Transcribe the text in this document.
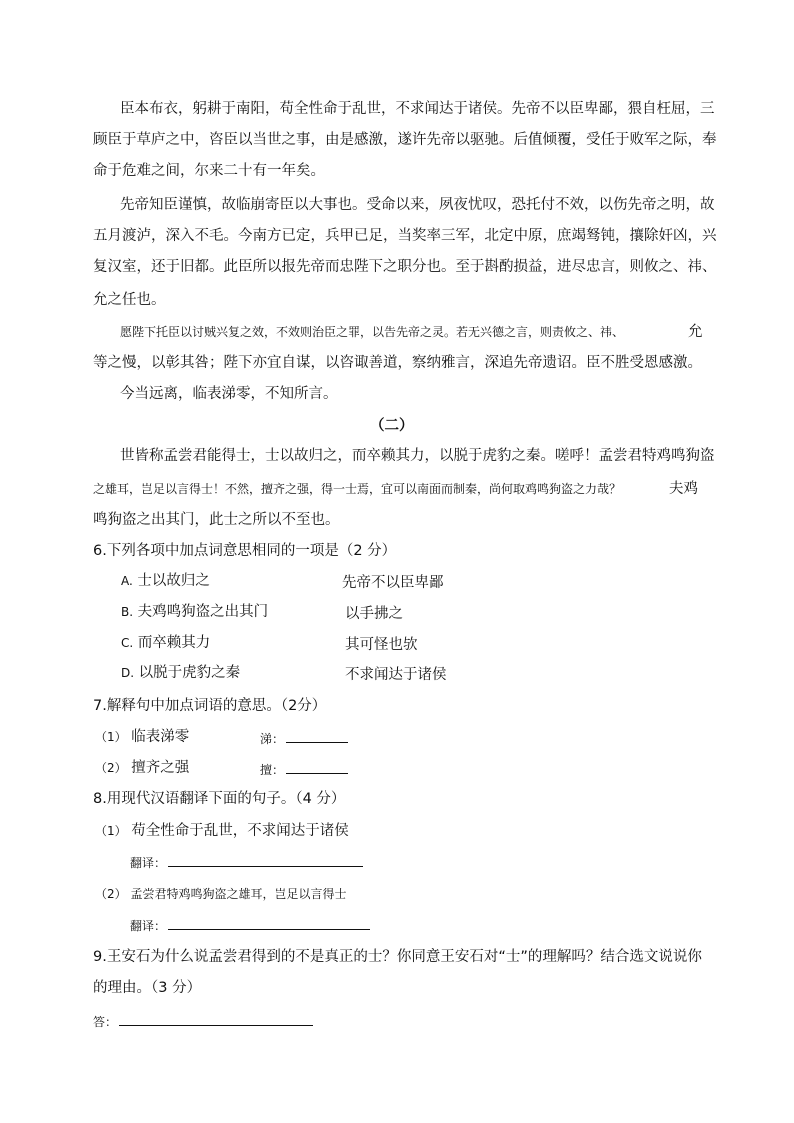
臣本布衣，躬耕于南阳，苟全性命于乱世，不求闻达于诸侯。先帝不以臣卑鄙，猥自枉屈，三
顾臣于草庐之中，咨臣以当世之事，由是感激，遂许先帝以驱驰。后值倾覆，受任于败军之际，奉
命于危难之间，尔来二十有一年矣。
先帝知臣谨慎，故临崩寄臣以大事也。受命以来，夙夜忧叹，恐托付不效，以伤先帝之明，故
五月渡泸，深入不毛。今南方已定，兵甲已足，当奖率三军，北定中原，庶竭驽钝，攘除奸凶，兴
复汉室，还于旧都。此臣所以报先帝而忠陛下之职分也。至于斟酌损益，进尽忠言，则攸之、祎、
允之任也。
愿陛下托臣以讨贼兴复之效，不效则治臣之罪，以告先帝之灵。若无兴德之言，则责攸之、祎、	允
等之慢，以彰其咎；陛下亦宜自谋，以咨诹善道，察纳雅言，深追先帝遗诏。臣不胜受恩感激。
今当远离，临表涕零，不知所言。
（二）
世皆称孟尝君能得士，士以故归之，而卒赖其力，以脱于虎豹之秦。嗟呼！孟尝君特鸡鸣狗盗
之雄耳，岂足以言得士！不然，擅齐之强，得一士焉，宜可以南面而制秦，尚何取鸡鸣狗盗之力哉？	夫鸡
鸣狗盗之出其门，此士之所以不至也。
6.下列各项中加点词意思相同的一项是（2 分）
A. 士以故归之	先帝不以臣卑鄙
B. 夫鸡鸣狗盗之出其门	以手拂之
C. 而卒赖其力	其可怪也欤
D. 以脱于虎豹之秦	不求闻达于诸侯
7.解释句中加点词语的意思。（2分）
（1） 临表涕零	涕：
（2） 擅齐之强	擅：
8.用现代汉语翻译下面的句子。（4 分）
（1） 苟全性命于乱世，不求闻达于诸侯
翻译：
（2） 孟尝君特鸡鸣狗盗之雄耳，岂足以言得士
翻译：
9.王安石为什么说孟尝君得到的不是真正的士？你同意王安石对“士”的理解吗？结合选文说说你
的理由。（3 分）
答：
